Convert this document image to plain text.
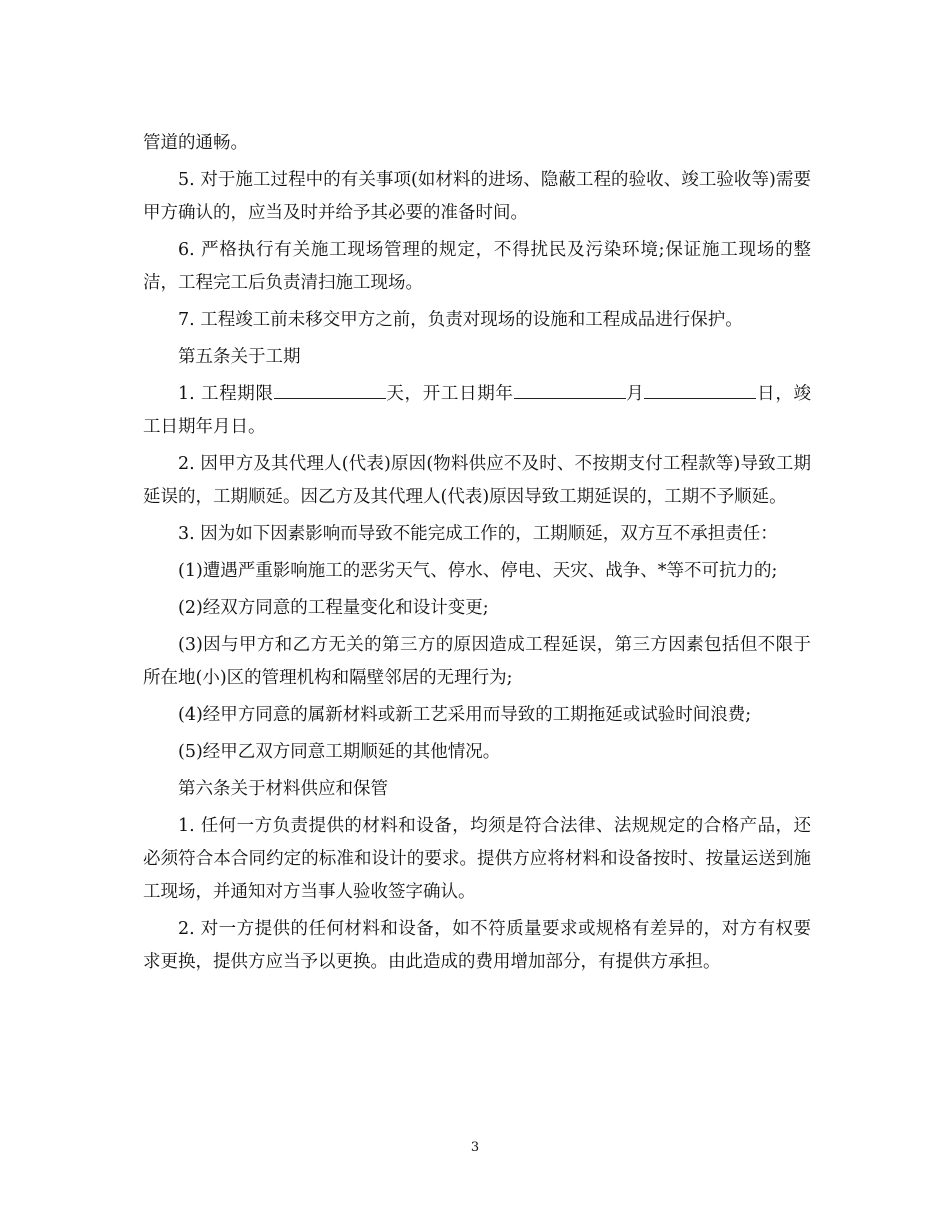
管道的通畅。

5. 对于施工过程中的有关事项(如材料的进场、隐蔽工程的验收、竣工验收等)需要甲方确认的，应当及时并给予其必要的准备时间。

6. 严格执行有关施工现场管理的规定，不得扰民及污染环境;保证施工现场的整洁，工程完工后负责清扫施工现场。

7. 工程竣工前未移交甲方之前，负责对现场的设施和工程成品进行保护。

第五条关于工期

1. 工程期限	天，开工日期年	月	日，竣工日期年月日。

2. 因甲方及其代理人(代表)原因(物料供应不及时、不按期支付工程款等)导致工期延误的，工期顺延。因乙方及其代理人(代表)原因导致工期延误的，工期不予顺延。

3. 因为如下因素影响而导致不能完成工作的，工期顺延，双方互不承担责任：

(1)遭遇严重影响施工的恶劣天气、停水、停电、天灾、战争、*等不可抗力的;

(2)经双方同意的工程量变化和设计变更;

(3)因与甲方和乙方无关的第三方的原因造成工程延误，第三方因素包括但不限于所在地(小)区的管理机构和隔壁邻居的无理行为;

(4)经甲方同意的属新材料或新工艺采用而导致的工期拖延或试验时间浪费;

(5)经甲乙双方同意工期顺延的其他情况。

第六条关于材料供应和保管

1. 任何一方负责提供的材料和设备，均须是符合法律、法规规定的合格产品，还必须符合本合同约定的标准和设计的要求。提供方应将材料和设备按时、按量运送到施工现场，并通知对方当事人验收签字确认。

2. 对一方提供的任何材料和设备，如不符质量要求或规格有差异的，对方有权要求更换，提供方应当予以更换。由此造成的费用增加部分，有提供方承担。

3
